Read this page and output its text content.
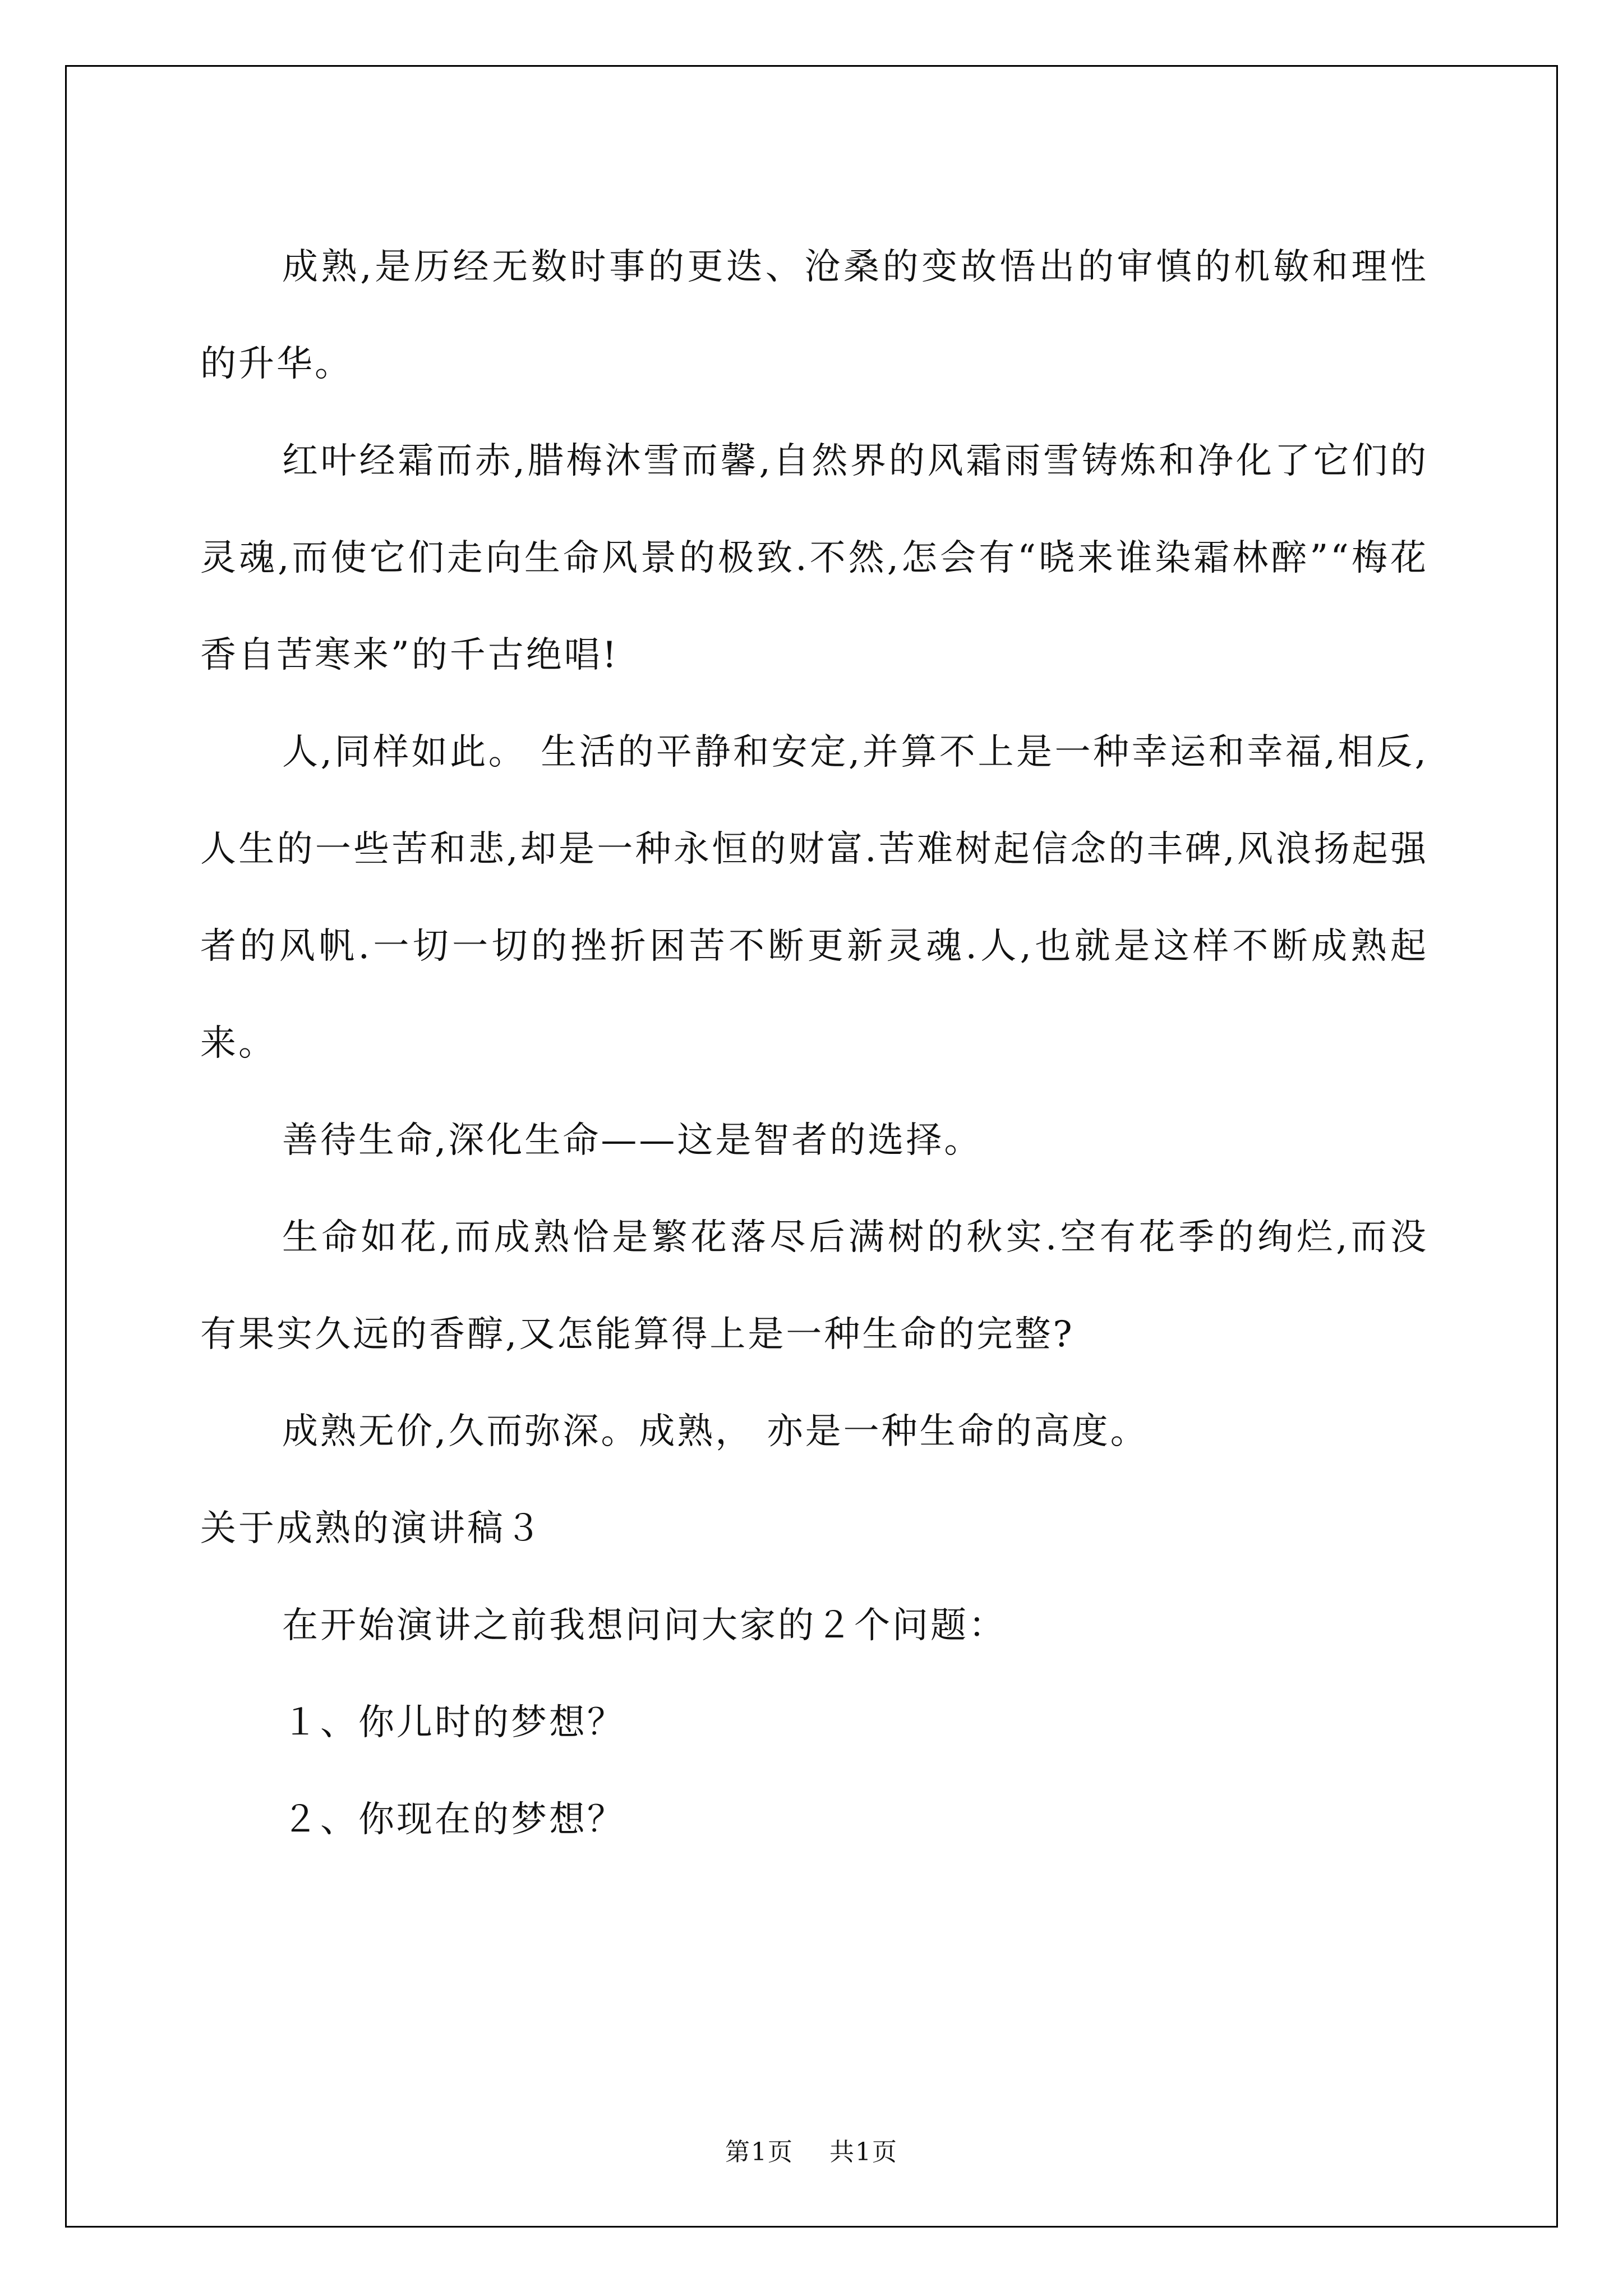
成熟,是历经无数时事的更迭、沧桑的变故悟出的审慎的机敏和理性的升华。

红叶经霜而赤,腊梅沐雪而馨,自然界的风霜雨雪铸炼和净化了它们的灵魂,而使它们走向生命风景的极致.不然,怎会有“晓来谁染霜林醉”“梅花香自苦寒来”的千古绝唱!

人,同样如此。 生活的平静和安定,并算不上是一种幸运和幸福,相反,人生的一些苦和悲,却是一种永恒的财富.苦难树起信念的丰碑,风浪扬起强者的风帆.一切一切的挫折困苦不断更新灵魂.人,也就是这样不断成熟起来。

善待生命,深化生命——这是智者的选择。

生命如花,而成熟恰是繁花落尽后满树的秋实.空有花季的绚烂,而没有果实久远的香醇,又怎能算得上是一种生命的完整?

成熟无价,久而弥深。成熟， 亦是一种生命的高度。

关于成熟的演讲稿３

在开始演讲之前我想问问大家的２个问题：

１、你儿时的梦想？

２、你现在的梦想？

第1页 共1页
